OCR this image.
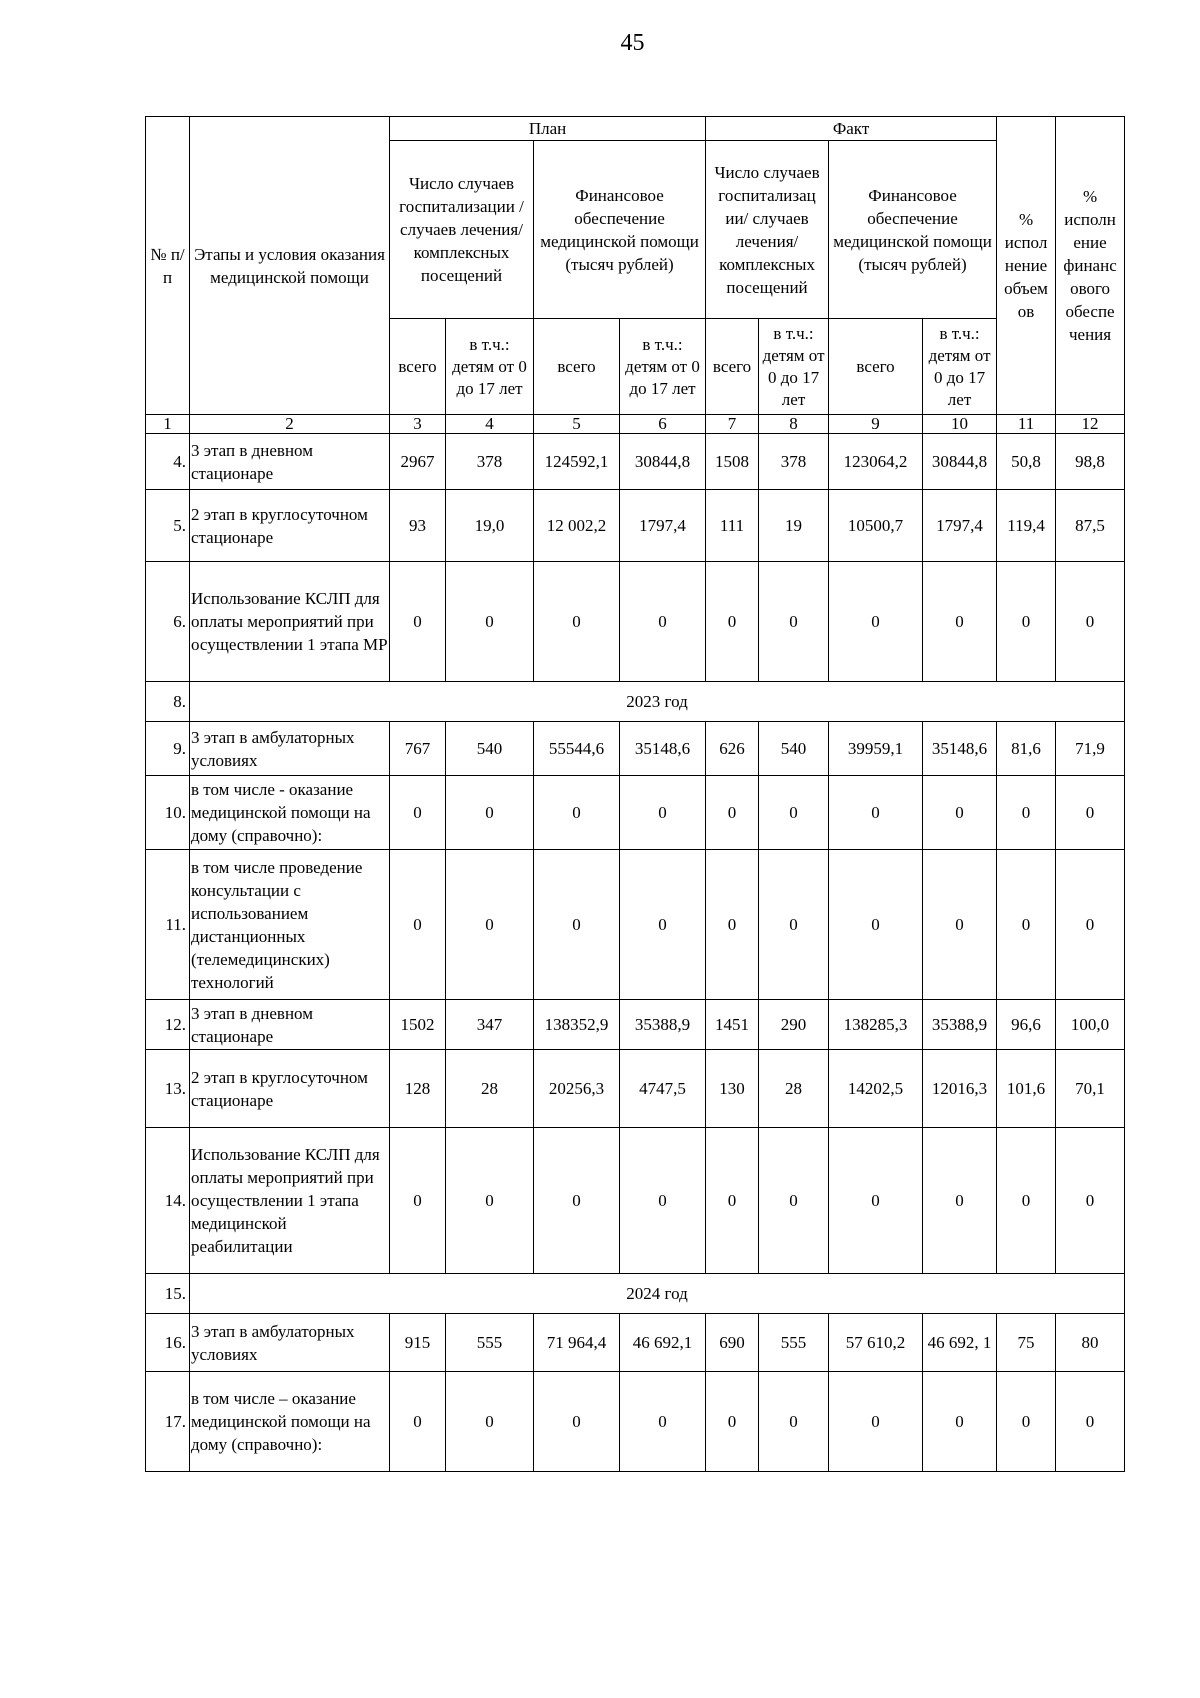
45
№ п/п	Этапы и условия оказания медицинской помощи	План				Факт				% испол нение объем ов	% исполн ение финанс ового обеспе чения
		Число случаев госпитализации / случаев лечения/ комплексных посещений		Финансовое обеспечение медицинской помощи (тысяч рублей)		Число случаев госпитализац ии/ случаев лечения/ комплексных посещений		Финансовое обеспечение медицинской помощи (тысяч рублей)			
		всего	в т.ч.: детям от 0 до 17 лет	всего	в т.ч.: детям от 0 до 17 лет	всего	в т.ч.: детям от 0 до 17 лет	всего	в т.ч.: детям от 0 до 17 лет		
1	2	3	4	5	6	7	8	9	10	11	12
4.	3 этап в дневном стационаре	2967	378	124592,1	30844,8	1508	378	123064,2	30844,8	50,8	98,8
5.	2 этап в круглосуточном стационаре	93	19,0	12 002,2	1797,4	111	19	10500,7	1797,4	119,4	87,5
6.	Использование КСЛП для оплаты мероприятий при осуществлении 1 этапа МР	0	0	0	0	0	0	0	0	0	0
8.	2023 год										
9.	3 этап в амбулаторных условиях	767	540	55544,6	35148,6	626	540	39959,1	35148,6	81,6	71,9
10.	в том числе - оказание медицинской помощи на дому (справочно):	0	0	0	0	0	0	0	0	0	0
11.	в том числе проведение консультации с использованием дистанционных (телемедицинских) технологий	0	0	0	0	0	0	0	0	0	0
12.	3 этап в дневном стационаре	1502	347	138352,9	35388,9	1451	290	138285,3	35388,9	96,6	100,0
13.	2 этап в круглосуточном стационаре	128	28	20256,3	4747,5	130	28	14202,5	12016,3	101,6	70,1
14.	Использование КСЛП для оплаты мероприятий при осуществлении 1 этапа медицинской реабилитации	0	0	0	0	0	0	0	0	0	0
15.	2024 год										
16.	3 этап в амбулаторных условиях	915	555	71 964,4	46 692,1	690	555	57 610,2	46 692, 1	75	80
17.	в том числе – оказание медицинской помощи на дому (справочно):	0	0	0	0	0	0	0	0	0	0
